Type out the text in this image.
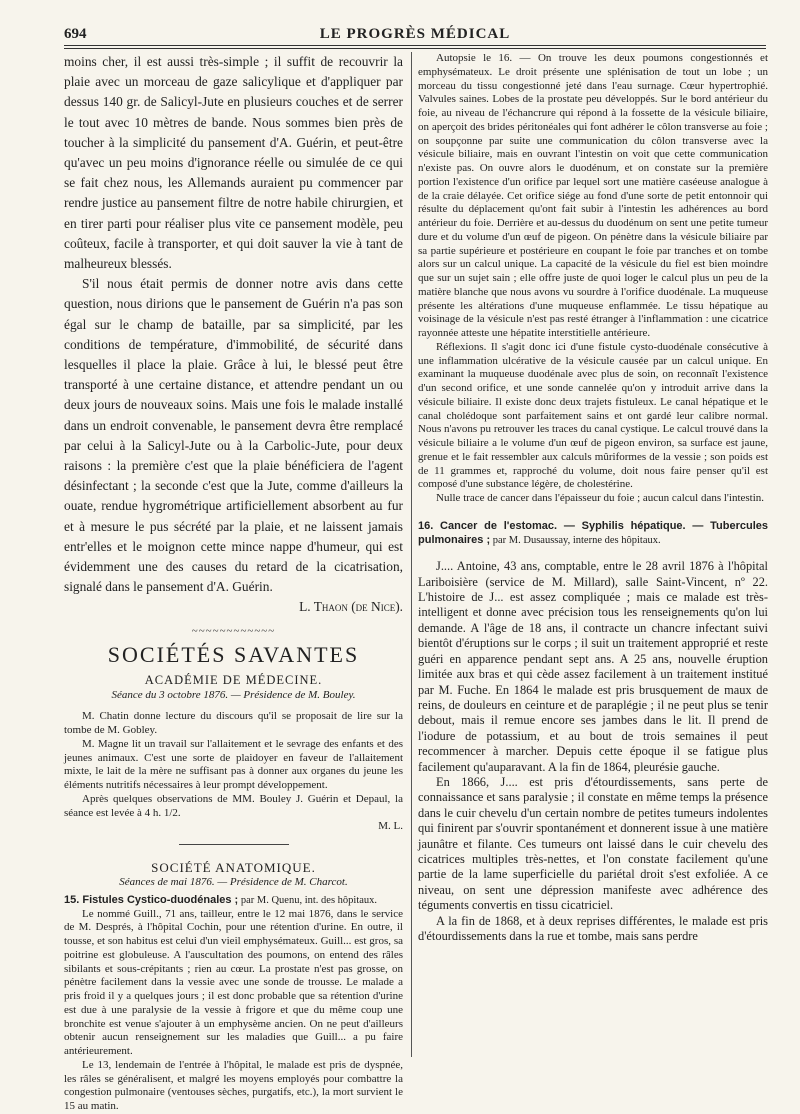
694	LE PROGRÈS MÉDICAL

moins cher, il est aussi très-simple ; il suffit de recouvrir la plaie avec un morceau de gaze salicylique et d'appliquer par dessus 140 gr. de Salicyl-Jute en plusieurs couches et de serrer le tout avec 10 mètres de bande. Nous sommes bien près de toucher à la simplicité du pansement d'A. Guérin, et peut-être qu'avec un peu moins d'ignorance réelle ou simulée de ce qui se fait chez nous, les Allemands auraient pu commencer par rendre justice au pansement filtre de notre habile chirurgien, et en tirer parti pour réaliser plus vite ce pansement modèle, peu coûteux, facile à transporter, et qui doit sauver la vie à tant de malheureux blessés.

S'il nous était permis de donner notre avis dans cette question, nous dirions que le pansement de Guérin n'a pas son égal sur le champ de bataille, par sa simplicité, par les conditions de température, d'immobilité, de sécurité dans lesquelles il place la plaie. Grâce à lui, le blessé peut être transporté à une certaine distance, et attendre pendant un ou deux jours de nouveaux soins. Mais une fois le malade installé dans un endroit convenable, le pansement devra être remplacé par celui à la Salicyl-Jute ou à la Carbolic-Jute, pour deux raisons : la première c'est que la plaie bénéficiera de l'agent désinfectant ; la seconde c'est que la Jute, comme d'ailleurs la ouate, rendue hygrométrique artificiellement absorbent au fur et à mesure le pus sécrété par la plaie, et ne laissent jamais entr'elles et le moignon cette mince nappe d'humeur, qui est évidemment une des causes du retard de la cicatrisation, signalé dans le pansement d'A. Guérin.

L. Thaon (de Nice).

~~~~~~~~~~~~
SOCIÉTÉS SAVANTES
ACADÉMIE DE MÉDECINE.

Séance du 3 octobre 1876. — Présidence de M. Bouley.

M. Chatin donne lecture du discours qu'il se proposait de lire sur la tombe de M. Gobley.

M. Magne lit un travail sur l'allaitement et le sevrage des enfants et des jeunes animaux. C'est une sorte de plaidoyer en faveur de l'allaitement mixte, le lait de la mère ne suffisant pas à donner aux organes du jeune les éléments nutritifs nécessaires à leur prompt développement.

Après quelques observations de MM. Bouley J. Guérin et Depaul, la séance est levée à 4 h. 1/2.

M. L.

SOCIÉTÉ ANATOMIQUE.

Séances de mai 1876. — Présidence de M. Charcot.

15. Fistules Cystico-duodénales ; par M. Quenu, int. des hôpitaux.

Le nommé Guill., 71 ans, tailleur, entre le 12 mai 1876, dans le service de M. Després, à l'hôpital Cochin, pour une rétention d'urine. En outre, il tousse, et son habitus est celui d'un vieil emphysémateux. Guill... est gros, sa poitrine est globuleuse. A l'auscultation des poumons, on entend des râles sibilants et sous-crépitants ; rien au cœur. La prostate n'est pas grosse, on pénètre facilement dans la vessie avec une sonde de trousse. Le malade a pris froid il y a quelques jours ; il est donc probable que sa rétention d'urine est due à une paralysie de la vessie à frigore et que du même coup une bronchite est venue s'ajouter à un emphysème ancien. On ne peut d'ailleurs obtenir aucun renseignement sur les maladies que Guill... a pu faire antérieurement.

Le 13, lendemain de l'entrée à l'hôpital, le malade est pris de dyspnée, les râles se généralisent, et malgré les moyens employés pour combattre la congestion pulmonaire (ventouses sèches, purgatifs, etc.), la mort survient le 15 au matin.

Autopsie le 16. — On trouve les deux poumons congestionnés et emphysémateux. Le droit présente une splénisation de tout un lobe ; un morceau du tissu congestionné jeté dans l'eau surnage. Cœur hypertrophié. Valvules saines. Lobes de la prostate peu développés. Sur le bord antérieur du foie, au niveau de l'échancrure qui répond à la fossette de la vésicule biliaire, on aperçoit des brides péritonéales qui font adhérer le côlon transverse au foie ; on soupçonne par suite une communication du côlon transverse avec la vésicule biliaire, mais en ouvrant l'intestin on voit que cette communication n'existe pas. On ouvre alors le duodénum, et on constate sur la première portion l'existence d'un orifice par lequel sort une matière caséeuse analogue à de la craie délayée. Cet orifice siége au fond d'une sorte de petit entonnoir qui résulte du déplacement qu'ont fait subir à l'intestin les adhérences au bord antérieur du foie. Derrière et au-dessus du duodénum on sent une petite tumeur dure et du volume d'un œuf de pigeon. On pénètre dans la vésicule biliaire par sa partie supérieure et postérieure en coupant le foie par tranches et on tombe alors sur un calcul unique. La capacité de la vésicule du fiel est bien moindre que sur un sujet sain ; elle offre juste de quoi loger le calcul plus un peu de la matière blanche que nous avons vu sourdre à l'orifice duodénale. La muqueuse présente les altérations d'une muqueuse enflammée. Le tissu hépatique au voisinage de la vésicule n'est pas resté étranger à l'inflammation : une cicatrice rayonnée atteste une hépatite interstitielle antérieure.

Réflexions. Il s'agit donc ici d'une fistule cysto-duodénale consécutive à une inflammation ulcérative de la vésicule causée par un calcul unique. En examinant la muqueuse duodénale avec plus de soin, on reconnaît l'existence d'un second orifice, et une sonde cannelée qu'on y introduit arrive dans la vésicule biliaire. Il existe donc deux trajets fistuleux. Le canal hépatique et le canal cholédoque sont parfaitement sains et ont gardé leur calibre normal. Nous n'avons pu retrouver les traces du canal cystique. Le calcul trouvé dans la vésicule biliaire a le volume d'un œuf de pigeon environ, sa surface est jaune, grenue et le fait ressembler aux calculs mûriformes de la vessie ; son poids est de 11 grammes et, rapproché du volume, doit nous faire penser qu'il est composé d'une substance légère, de cholestérine.

Nulle trace de cancer dans l'épaisseur du foie ; aucun calcul dans l'intestin.

16. Cancer de l'estomac. — Syphilis hépatique. — Tubercules pulmonaires ; par M. Dusaussay, interne des hôpitaux.

J.... Antoine, 43 ans, comptable, entre le 28 avril 1876 à l'hôpital Lariboisière (service de M. Millard), salle Saint-Vincent, nº 22. L'histoire de J... est assez compliquée ; mais ce malade est très-intelligent et donne avec précision tous les renseignements qu'on lui demande. A l'âge de 18 ans, il contracte un chancre infectant suivi bientôt d'éruptions sur le corps ; il suit un traitement approprié et reste guéri en apparence pendant sept ans. A 25 ans, nouvelle éruption limitée aux bras et qui cède assez facilement à un traitement institué par M. Fuche. En 1864 le malade est pris brusquement de maux de reins, de douleurs en ceinture et de paraplégie ; il ne peut plus se tenir debout, mais il remue encore ses jambes dans le lit. Il prend de l'iodure de potassium, et au bout de trois semaines il peut recommencer à marcher. Depuis cette époque il se fatigue plus facilement qu'auparavant. A la fin de 1864, pleurésie gauche.

En 1866, J.... est pris d'étourdissements, sans perte de connaissance et sans paralysie ; il constate en même temps la présence dans le cuir chevelu d'un certain nombre de petites tumeurs indolentes qui finirent par s'ouvrir spontanément et donnerent issue à une matière jaunâtre et filante. Ces tumeurs ont laissé dans le cuir chevelu des cicatrices multiples très-nettes, et l'on constate facilement qu'une partie de la lame superficielle du pariétal droit s'est exfoliée. A ce niveau, on sent une dépression manifeste avec adhérence des téguments convertis en tissu cicatriciel.

A la fin de 1868, et à deux reprises différentes, le malade est pris d'étourdissements dans la rue et tombe, mais sans perdre
